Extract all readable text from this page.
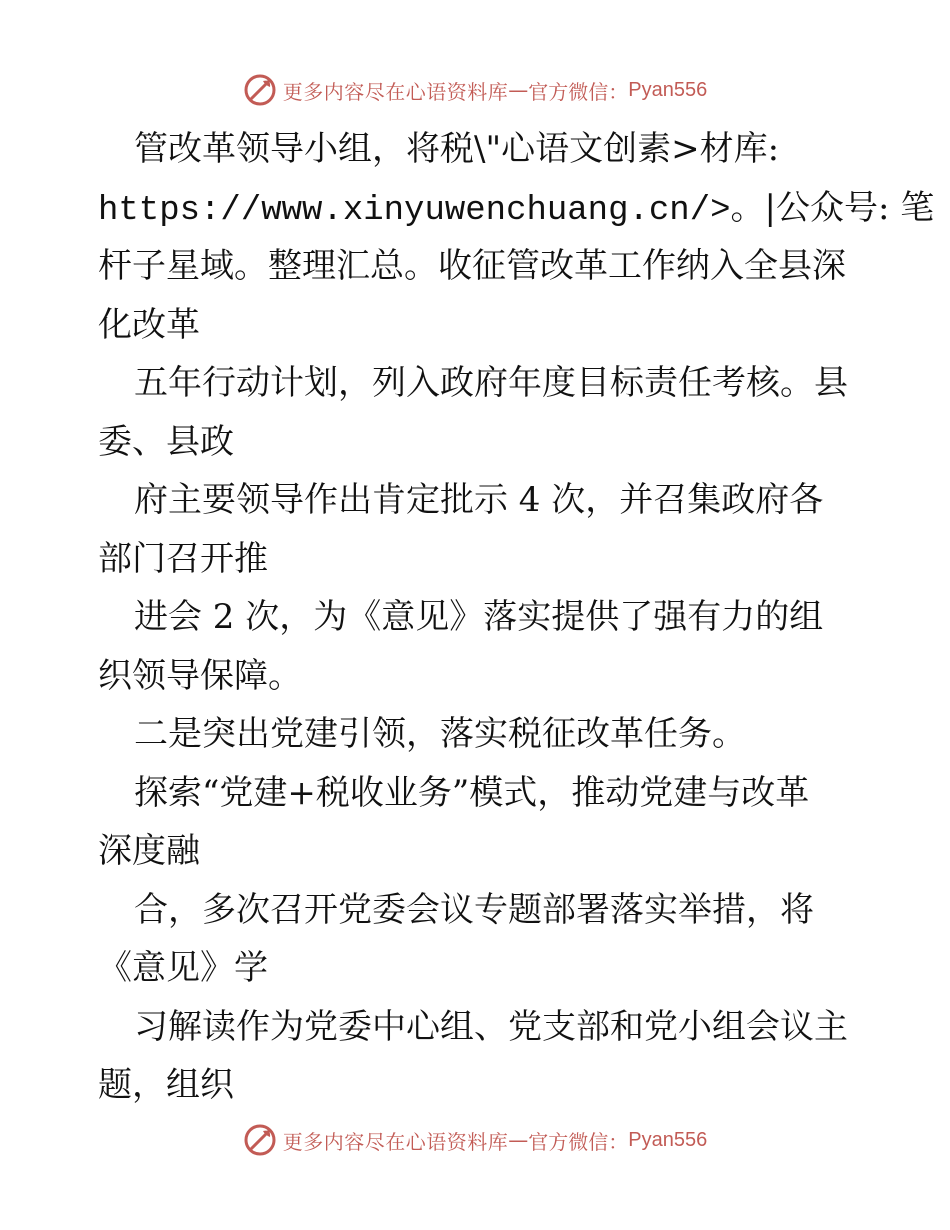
更多内容尽在心语资料库 — 官方微信： Pyan556
管改革领导小组，将税\"心语文创素>材库:
https://www.xinyuwenchuang.cn/>。|公众号: 笔
杆子星域。整理汇总。收征管改革工作纳入全县深
化改革
五年行动计划，列入政府年度目标责任考核。县
委、县政
府主要领导作出肯定批示 4 次，并召集政府各
部门召开推
进会 2 次，为《意见》落实提供了强有力的组
织领导保障。
二是突出党建引领，落实税征改革任务。
探索“党建+税收业务”模式，推动党建与改革
深度融
合，多次召开党委会议专题部署落实举措，将
《意见》学
习解读作为党委中心组、党支部和党小组会议主
题，组织
更多内容尽在心语资料库 — 官方微信： Pyan556
